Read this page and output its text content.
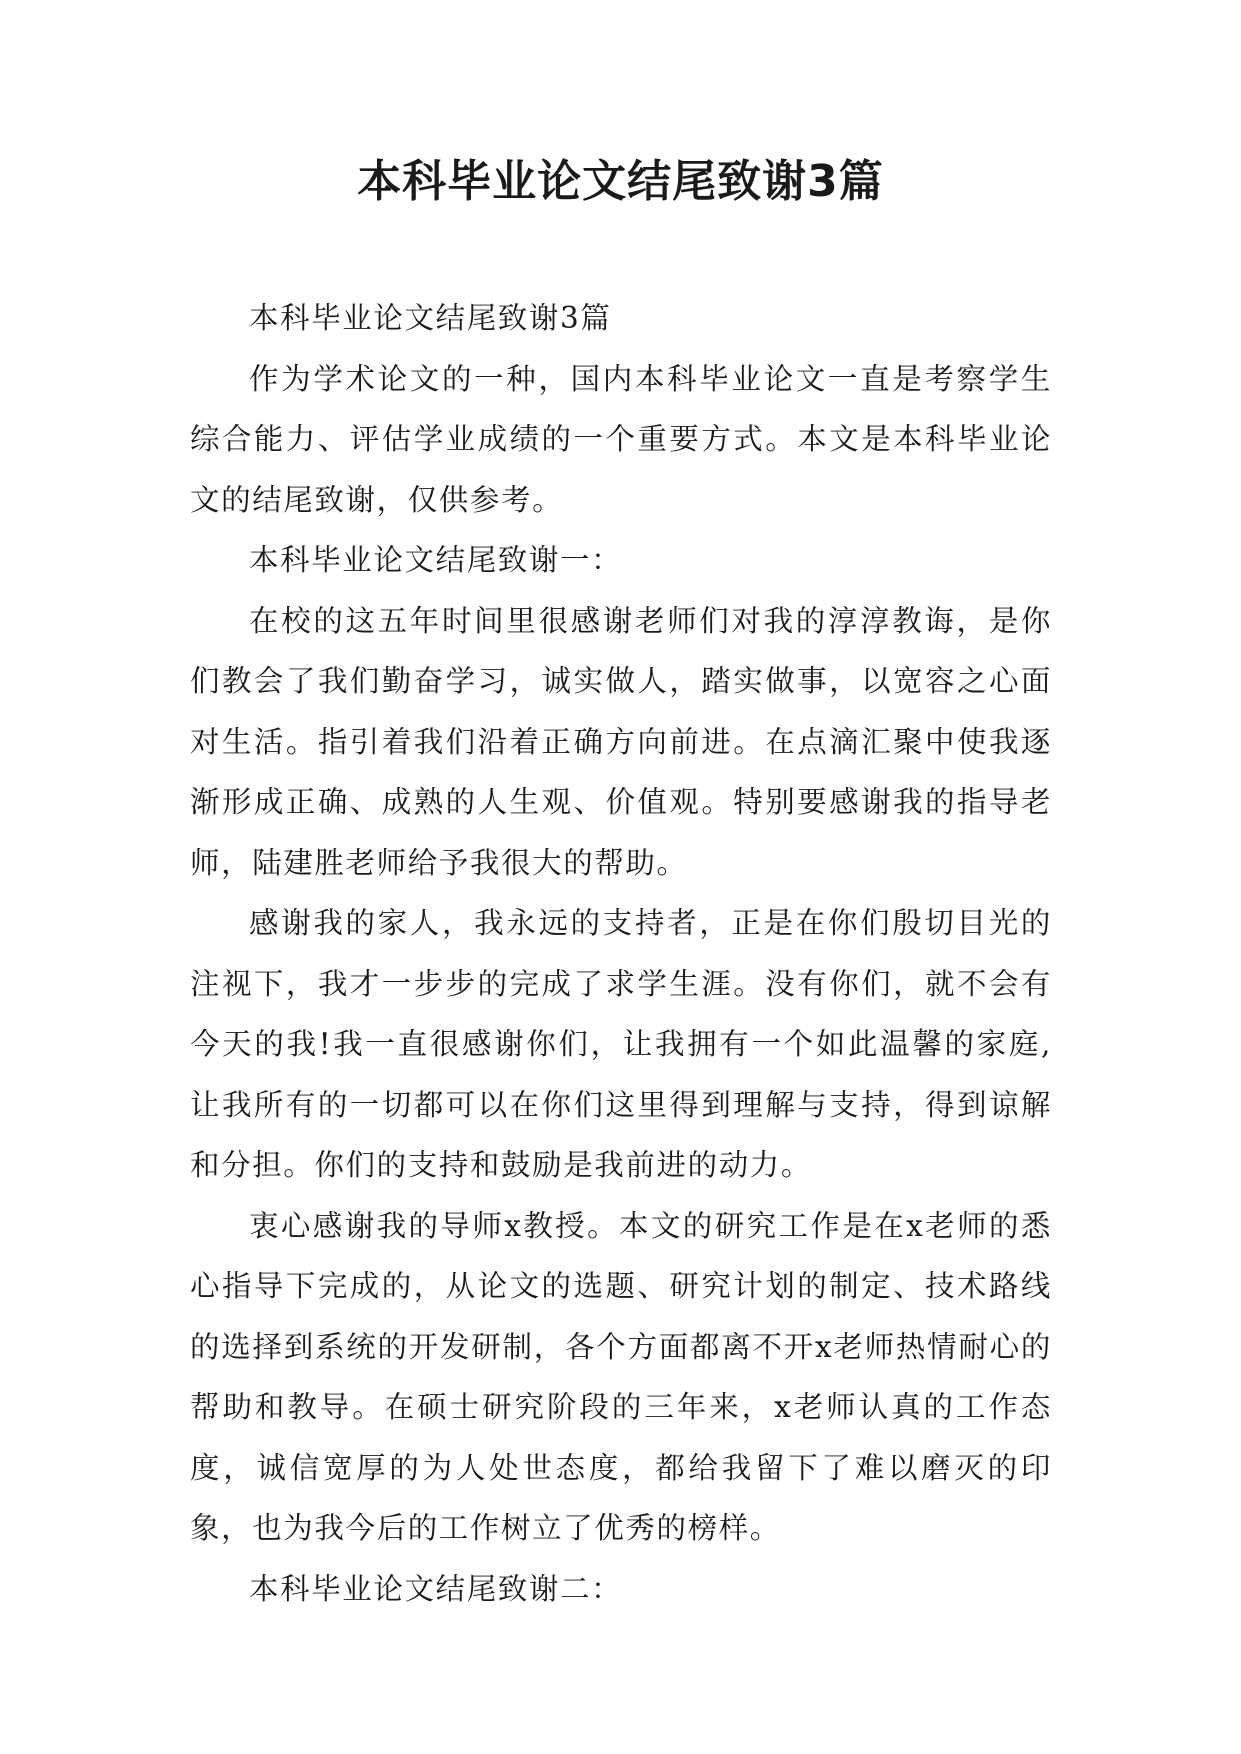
本科毕业论文结尾致谢3篇

本科毕业论文结尾致谢3篇

作为学术论文的一种，国内本科毕业论文一直是考察学生综合能力、评估学业成绩的一个重要方式。本文是本科毕业论文的结尾致谢，仅供参考。

本科毕业论文结尾致谢一：

在校的这五年时间里很感谢老师们对我的淳淳教诲，是你们教会了我们勤奋学习，诚实做人，踏实做事，以宽容之心面对生活。指引着我们沿着正确方向前进。在点滴汇聚中使我逐渐形成正确、成熟的人生观、价值观。特别要感谢我的指导老师，陆建胜老师给予我很大的帮助。

感谢我的家人，我永远的支持者，正是在你们殷切目光的注视下，我才一步步的完成了求学生涯。没有你们，就不会有今天的我!我一直很感谢你们，让我拥有一个如此温馨的家庭,让我所有的一切都可以在你们这里得到理解与支持，得到谅解和分担。你们的支持和鼓励是我前进的动力。

衷心感谢我的导师x教授。本文的研究工作是在x老师的悉心指导下完成的，从论文的选题、研究计划的制定、技术路线的选择到系统的开发研制，各个方面都离不开x老师热情耐心的帮助和教导。在硕士研究阶段的三年来，x老师认真的工作态度，诚信宽厚的为人处世态度，都给我留下了难以磨灭的印象，也为我今后的工作树立了优秀的榜样。

本科毕业论文结尾致谢二：
